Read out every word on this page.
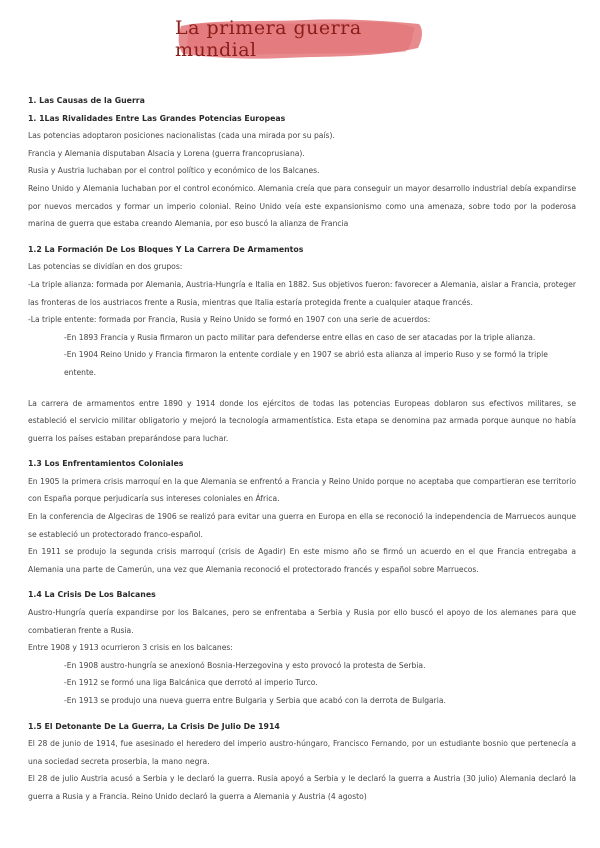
La primera guerra mundial
1. Las Causas de la Guerra
1. 1Las Rivalidades Entre Las Grandes Potencias Europeas

Las potencias adoptaron posiciones nacionalistas (cada una mirada por su país).

Francia y Alemania disputaban Alsacia y Lorena (guerra francoprusiana).

Rusia y Austria luchaban por el control político y económico de los Balcanes.

Reino Unido y Alemania luchaban por el control económico. Alemania creía que para conseguir un mayor desarrollo industrial debía expandirse por nuevos mercados y formar un imperio colonial. Reino Unido veía este expansionismo como una amenaza, sobre todo por la poderosa marina de guerra que estaba creando Alemania, por eso buscó la alianza de Francia

1.2 La Formación De Los Bloques Y La Carrera De Armamentos

Las potencias se dividían en dos grupos:

-La triple alianza: formada por Alemania, Austria-Hungría e Italia en 1882. Sus objetivos fueron: favorecer a Alemania, aislar a Francia, proteger las fronteras de los austriacos frente a Rusia, mientras que Italia estaría protegida frente a cualquier ataque francés.

-La triple entente: formada por Francia, Rusia y Reino Unido se formó en 1907 con una serie de acuerdos:

-En 1893 Francia y Rusia firmaron un pacto militar para defenderse entre ellas en caso de ser atacadas por la triple alianza.

-En 1904 Reino Unido y Francia firmaron la entente cordiale y en 1907 se abrió esta alianza al imperio Ruso y se formó la triple entente.

La carrera de armamentos entre 1890 y 1914 donde los ejércitos de todas las potencias Europeas doblaron sus efectivos militares, se estableció el servicio militar obligatorio y mejoró la tecnología armamentística. Esta etapa se denomina paz armada porque aunque no había guerra los países estaban preparándose para luchar.

1.3 Los Enfrentamientos Coloniales

En 1905 la primera crisis marroquí en la que Alemania se enfrentó a Francia y Reino Unido porque no aceptaba que compartieran ese territorio con España porque perjudicaría sus intereses coloniales en África.

En la conferencia de Algeciras de 1906 se realizó para evitar una guerra en Europa en ella se reconoció la independencia de Marruecos aunque se estableció un protectorado franco-español.

En 1911 se produjo la segunda crisis marroquí (crisis de Agadir) En este mismo año se firmó un acuerdo en el que Francia entregaba a Alemania una parte de Camerún, una vez que Alemania reconoció el protectorado francés y español sobre Marruecos.

1.4 La Crisis De Los Balcanes

Austro-Hungría quería expandirse por los Balcanes, pero se enfrentaba a Serbia y Rusia por ello buscó el apoyo de los alemanes para que combatieran frente a Rusia.

Entre 1908 y 1913 ocurrieron 3 crisis en los balcanes:

-En 1908 austro-hungría se anexionó Bosnia-Herzegovina y esto provocó la protesta de Serbia.

-En 1912 se formó una liga Balcánica que derrotó al imperio Turco.

-En 1913 se produjo una nueva guerra entre Bulgaria y Serbia que acabó con la derrota de Bulgaria.

1.5 El Detonante De La Guerra, La Crisis De Julio De 1914

El 28 de junio de 1914, fue asesinado el heredero del imperio austro-húngaro, Francisco Fernando, por un estudiante bosnio que pertenecía a una sociedad secreta proserbia, la mano negra.

El 28 de julio Austria acusó a Serbia y le declaró la guerra. Rusia apoyó a Serbia y le declaró la guerra a Austria (30 julio) Alemania declaró la guerra a Rusia y a Francia. Reino Unido declaró la guerra a Alemania y Austria (4 agosto)
